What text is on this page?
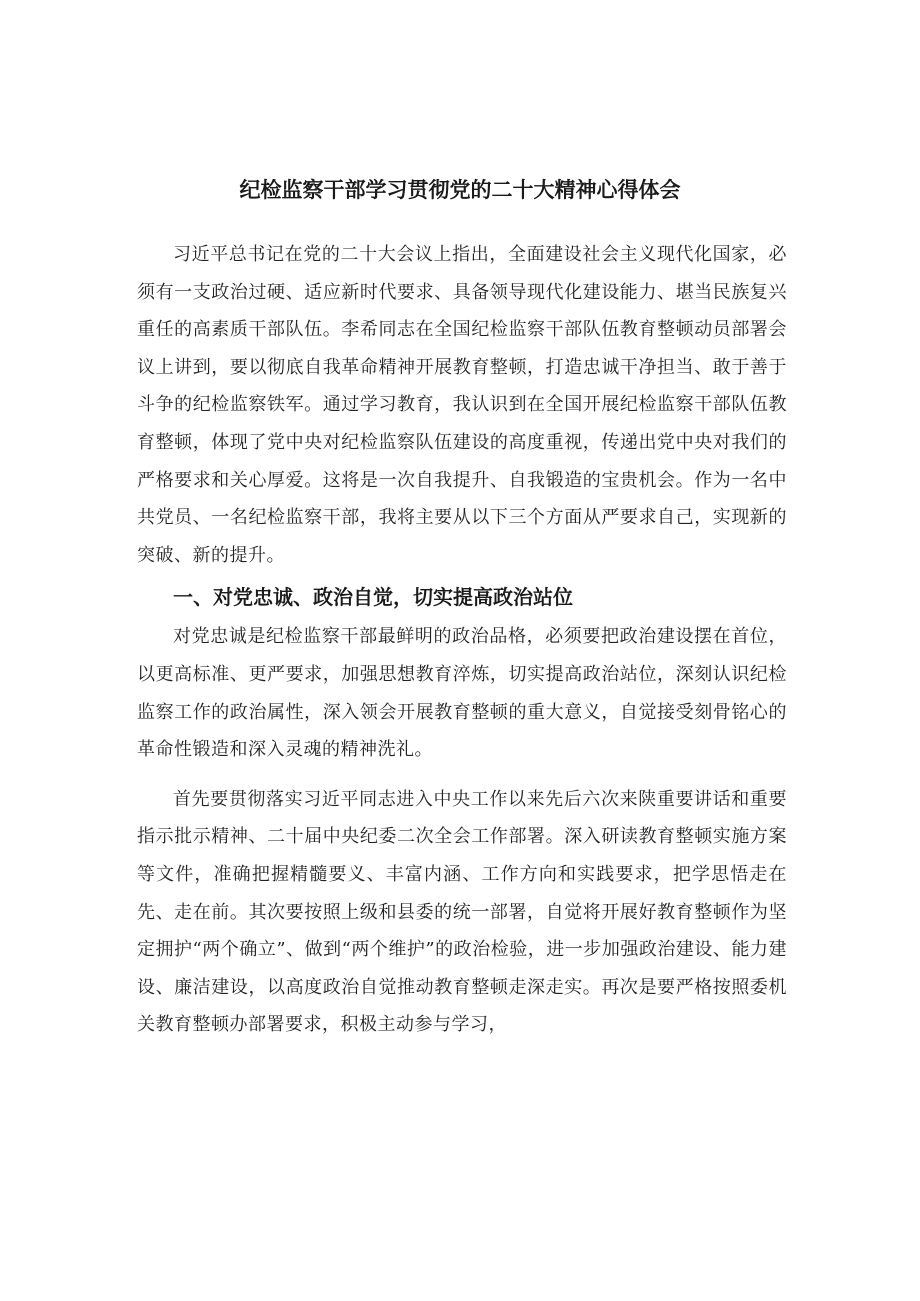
纪检监察干部学习贯彻党的二十大精神心得体会

习近平总书记在党的二十大会议上指出，全面建设社会主义现代化国家，必须有一支政治过硬、适应新时代要求、具备领导现代化建设能力、堪当民族复兴重任的高素质干部队伍。李希同志在全国纪检监察干部队伍教育整顿动员部署会议上讲到，要以彻底自我革命精神开展教育整顿，打造忠诚干净担当、敢于善于斗争的纪检监察铁军。通过学习教育，我认识到在全国开展纪检监察干部队伍教育整顿，体现了党中央对纪检监察队伍建设的高度重视，传递出党中央对我们的严格要求和关心厚爱。这将是一次自我提升、自我锻造的宝贵机会。作为一名中共党员、一名纪检监察干部，我将主要从以下三个方面从严要求自己，实现新的突破、新的提升。

一、对党忠诚、政治自觉，切实提高政治站位

对党忠诚是纪检监察干部最鲜明的政治品格，必须要把政治建设摆在首位，以更高标准、更严要求，加强思想教育淬炼，切实提高政治站位，深刻认识纪检监察工作的政治属性，深入领会开展教育整顿的重大意义，自觉接受刻骨铭心的革命性锻造和深入灵魂的精神洗礼。

首先要贯彻落实习近平同志进入中央工作以来先后六次来陕重要讲话和重要指示批示精神、二十届中央纪委二次全会工作部署。深入研读教育整顿实施方案等文件，准确把握精髓要义、丰富内涵、工作方向和实践要求，把学思悟走在先、走在前。其次要按照上级和县委的统一部署，自觉将开展好教育整顿作为坚定拥护“两个确立”、做到“两个维护”的政治检验，进一步加强政治建设、能力建设、廉洁建设，以高度政治自觉推动教育整顿走深走实。再次是要严格按照委机关教育整顿办部署要求，积极主动参与学习，
